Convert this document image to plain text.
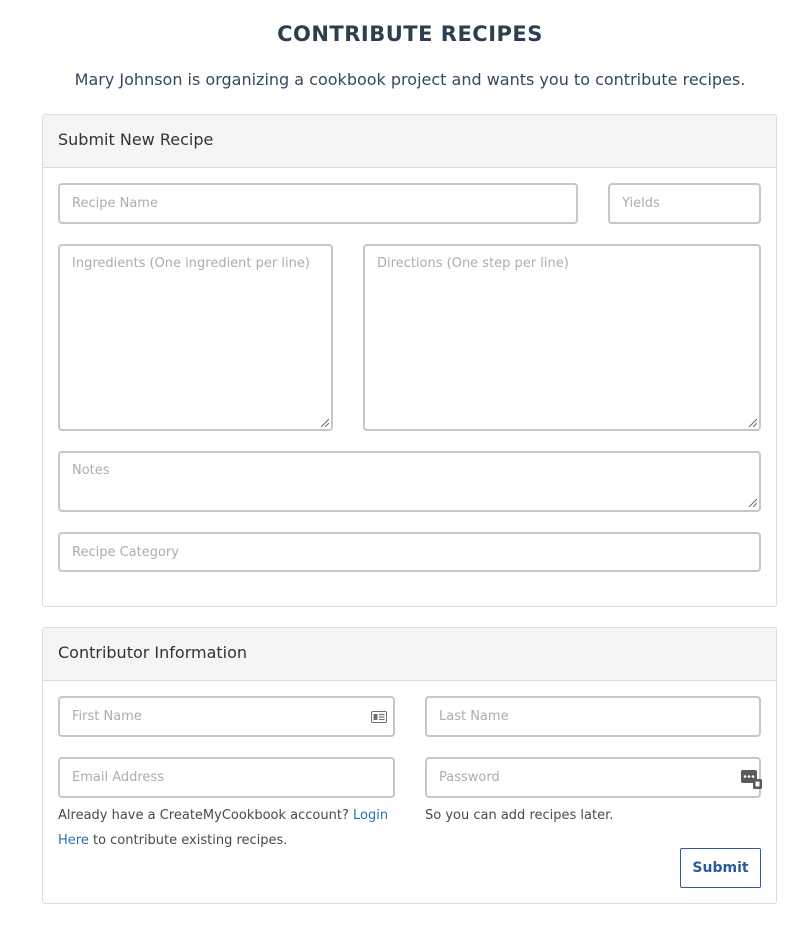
CONTRIBUTE RECIPES
Mary Johnson is organizing a cookbook project and wants you to contribute recipes.
Submit New Recipe
Recipe Name
Yields
Ingredients (One ingredient per line)
Directions (One step per line)
Notes
Recipe Category
Contributor Information
First Name
Last Name
Email Address
Already have a CreateMyCookbook account? Login Here to contribute existing recipes.
So you can add recipes later.
Submit
